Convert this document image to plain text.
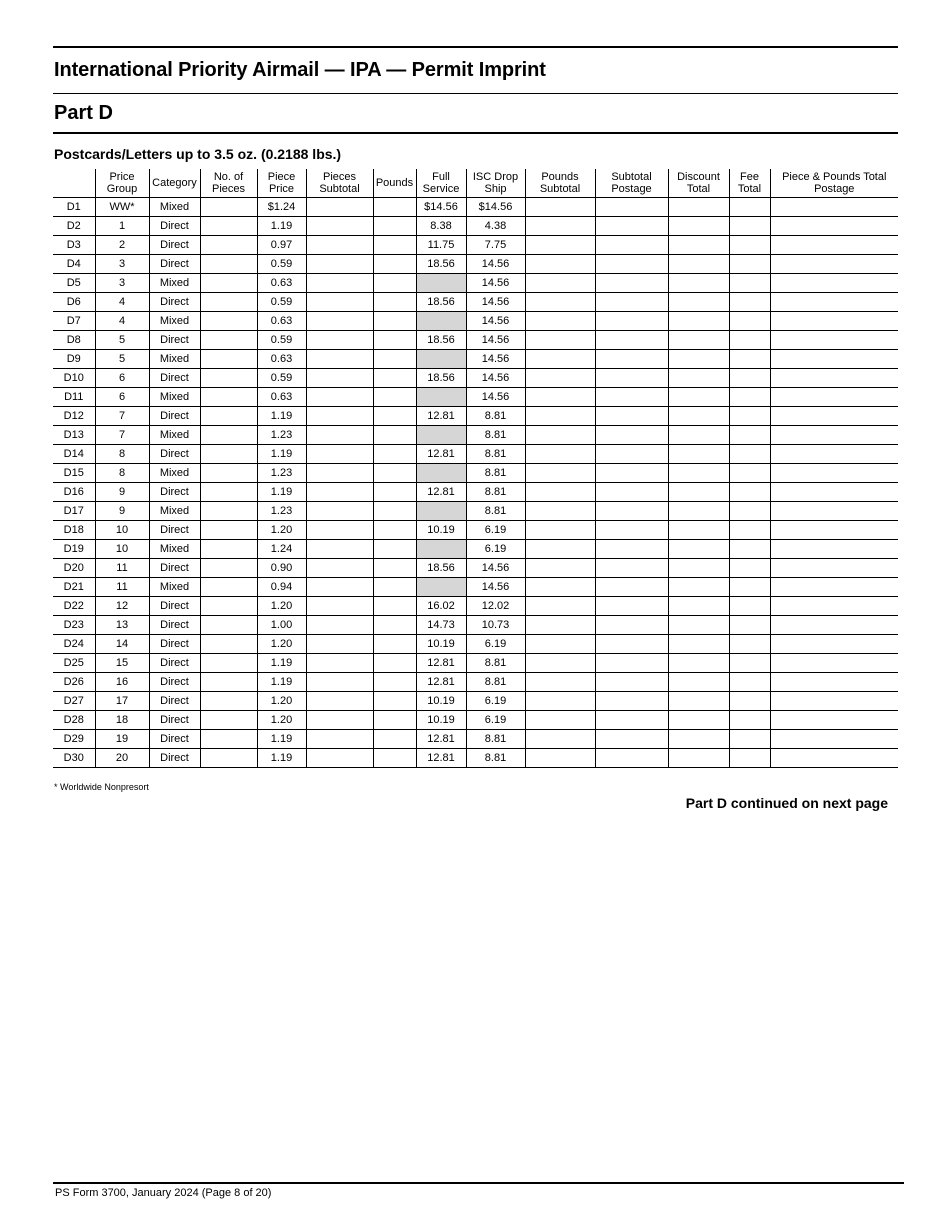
International Priority Airmail — IPA — Permit Imprint
Part D
Postcards/Letters up to 3.5 oz. (0.2188 lbs.)
	Price Group	Category	No. of Pieces	Piece Price	Pieces Subtotal	Pounds	Full Service	ISC Drop Ship	Pounds Subtotal	Subtotal Postage	Discount Total	Fee Total	Piece & Pounds Total Postage
D1	WW*	Mixed		$1.24			$14.56	$14.56					
D2	1	Direct		1.19			8.38	4.38					
D3	2	Direct		0.97			11.75	7.75					
D4	3	Direct		0.59			18.56	14.56					
D5	3	Mixed		0.63				14.56					
D6	4	Direct		0.59			18.56	14.56					
D7	4	Mixed		0.63				14.56					
D8	5	Direct		0.59			18.56	14.56					
D9	5	Mixed		0.63				14.56					
D10	6	Direct		0.59			18.56	14.56					
D11	6	Mixed		0.63				14.56					
D12	7	Direct		1.19			12.81	8.81					
D13	7	Mixed		1.23				8.81					
D14	8	Direct		1.19			12.81	8.81					
D15	8	Mixed		1.23				8.81					
D16	9	Direct		1.19			12.81	8.81					
D17	9	Mixed		1.23				8.81					
D18	10	Direct		1.20			10.19	6.19					
D19	10	Mixed		1.24				6.19					
D20	11	Direct		0.90			18.56	14.56					
D21	11	Mixed		0.94				14.56					
D22	12	Direct		1.20			16.02	12.02					
D23	13	Direct		1.00			14.73	10.73					
D24	14	Direct		1.20			10.19	6.19					
D25	15	Direct		1.19			12.81	8.81					
D26	16	Direct		1.19			12.81	8.81					
D27	17	Direct		1.20			10.19	6.19					
D28	18	Direct		1.20			10.19	6.19					
D29	19	Direct		1.19			12.81	8.81					
D30	20	Direct		1.19			12.81	8.81					
* Worldwide Nonpresort
Part D continued on next page
PS Form 3700, January 2024 (Page 8 of 20)
